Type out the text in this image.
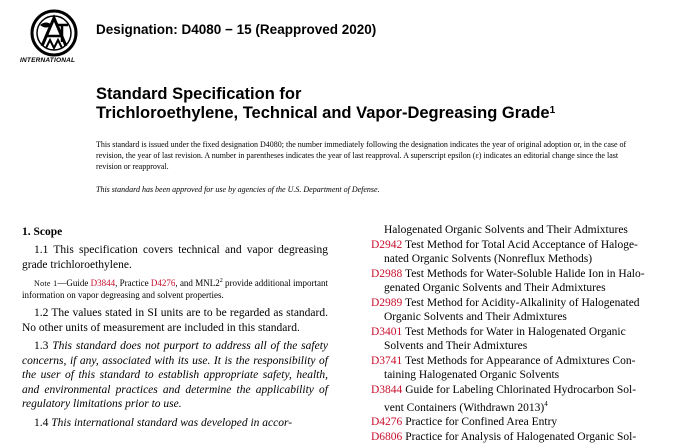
INTERNATIONAL
Designation: D4080 − 15 (Reapproved 2020)
Standard Specification for
Trichloroethylene, Technical and Vapor-Degreasing Grade$^1$
This standard is issued under the fixed designation D4080; the number immediately following the designation indicates the year of original adoption or, in the case of revision, the year of last revision. A number in parentheses indicates the year of last reapproval. A superscript epsilon (ε) indicates an editorial change since the last revision or reapproval.
This standard has been approved for use by agencies of the U.S. Department of Defense.
1. Scope

1.1 This specification covers technical and vapor degreasing grade trichloroethylene.

Note 1—Guide D3844, Practice D4276, and $MNL2^2$ provide additional important information on vapor degreasing and solvent properties.

1.2 The values stated in SI units are to be regarded as standard. No other units of measurement are included in this standard.

1.3 This standard does not purport to address all of the safety concerns, if any, associated with its use. It is the responsibility of the user of this standard to establish appropriate safety, health, and environmental practices and determine the applicability of regulatory limitations prior to use.

1.4 This international standard was developed in accor-

Halogenated Organic Solvents and Their Admixtures
D2942 Test Method for Total Acid Acceptance of Haloge-
nated Organic Solvents (Nonreflux Methods)
D2988 Test Methods for Water-Soluble Halide Ion in Halo-
genated Organic Solvents and Their Admixtures
D2989 Test Method for Acidity-Alkalinity of Halogenated
Organic Solvents and Their Admixtures
D3401 Test Methods for Water in Halogenated Organic
Solvents and Their Admixtures
D3741 Test Methods for Appearance of Admixtures Con-
taining Halogenated Organic Solvents
D3844 Guide for Labeling Chlorinated Hydrocarbon Sol-
vent Containers (Withdrawn 2013)$^4$
D4276 Practice for Confined Area Entry
D6806 Practice for Analysis of Halogenated Organic Sol-
